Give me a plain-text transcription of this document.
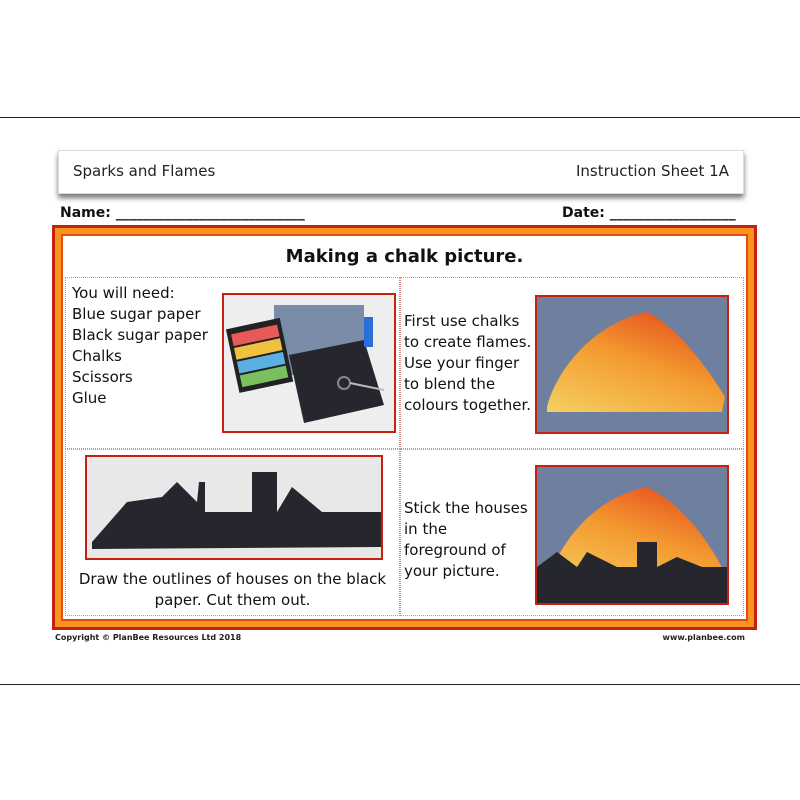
Sparks and Flames	Instruction Sheet 1A
Name: ___________________________	Date: __________________
Making a chalk picture.
You will need:
Blue sugar paper
Black sugar paper
Chalks
Scissors
Glue
First use chalks to create flames. Use your finger to blend the colours together.
Draw the outlines of houses on the black paper. Cut them out.
Stick the houses in the foreground of your picture.
Copyright © PlanBee Resources Ltd 2018	www.planbee.com
